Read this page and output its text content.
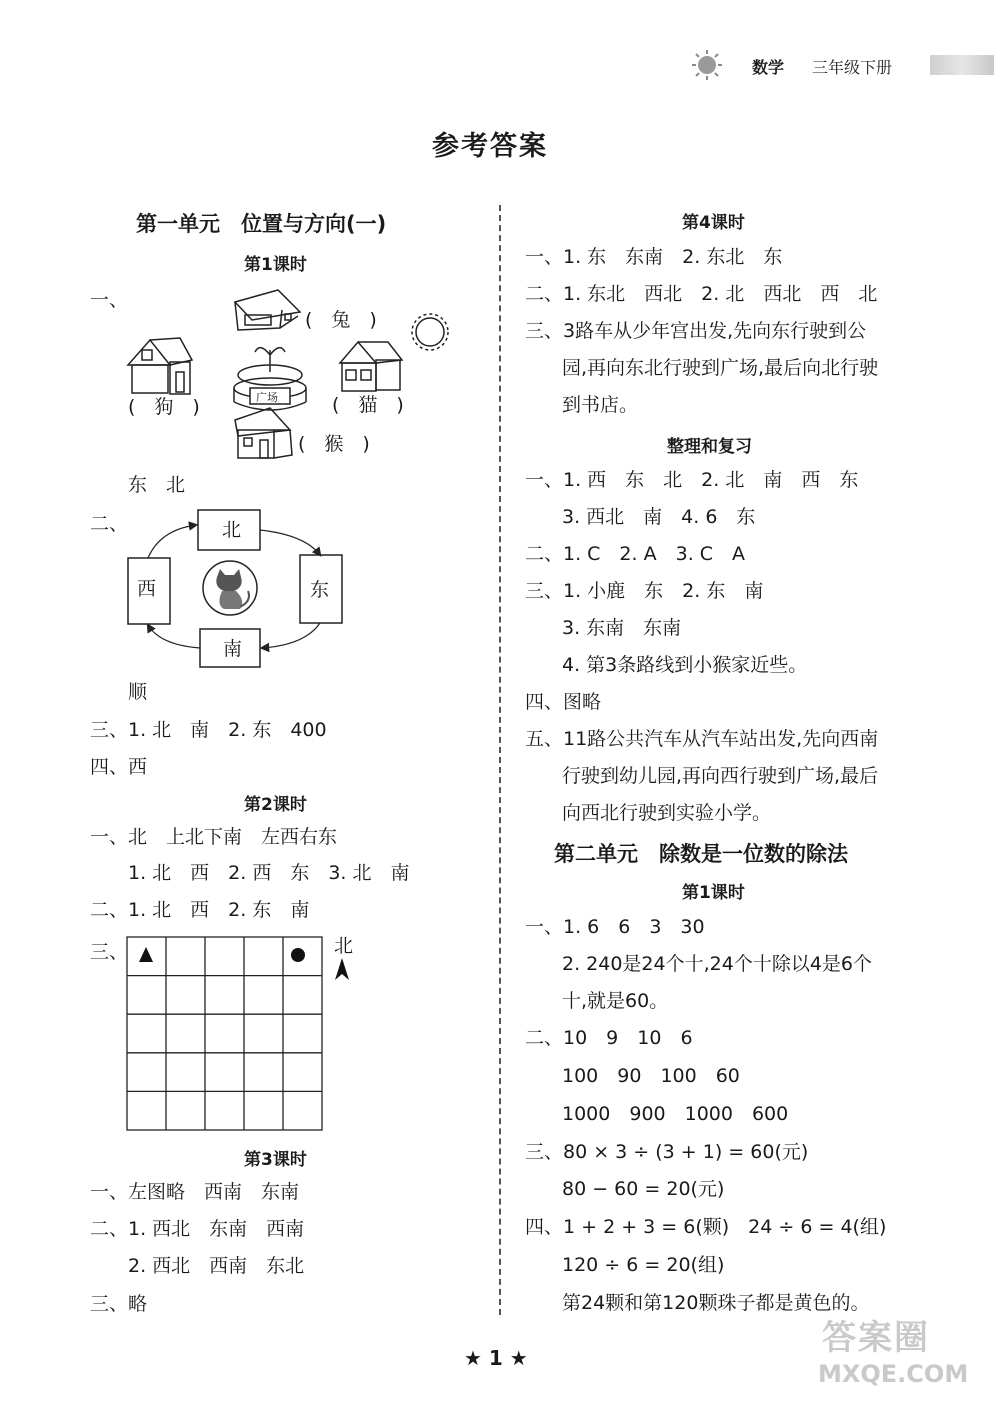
数学 三年级下册
参考答案
第一单元　位置与方向(一)
第1课时
一、
广场
(　兔　)
(　狗　)	(　猫　)
(　猴　)
东　北
二、	北
西	东
南
顺
三、1. 北　南　2. 东　400
四、西
第2课时
一、北　上北下南　左西右东
1. 北　西　2. 西　东　3. 北　南
二、1. 北　西　2. 东　南
三、	北
第3课时
一、左图略　西南　东南
二、1. 西北　东南　西南
2. 西北　西南　东北
三、略
第4课时
一、1. 东　东南　2. 东北　东
二、1. 东北　西北　2. 北　西北　西　北
三、3路车从少年宫出发,先向东行驶到公
园,再向东北行驶到广场,最后向北行驶
到书店。
整理和复习
一、1. 西　东　北　2. 北　南　西　东
3. 西北　南　4. 6　东
二、1. C　2. A　3. C　A
三、1. 小鹿　东　2. 东　南
3. 东南　东南
4. 第3条路线到小猴家近些。
四、图略
五、11路公共汽车从汽车站出发,先向西南
行驶到幼儿园,再向西行驶到广场,最后
向西北行驶到实验小学。
第二单元　除数是一位数的除法
第1课时
一、1. 6　6　3　30
2. 240是24个十,24个十除以4是6个
十,就是60。
二、10　9　10　6
100　90　100　60
1000　900　1000　600
三、80 × 3 ÷ (3 + 1) = 60(元)
80 − 60 = 20(元)
四、1 + 2 + 3 = 6(颗)　24 ÷ 6 = 4(组)
120 ÷ 6 = 20(组)
第24颗和第120颗珠子都是黄色的。
★ 1 ★	答案圈
MXQE.COM
